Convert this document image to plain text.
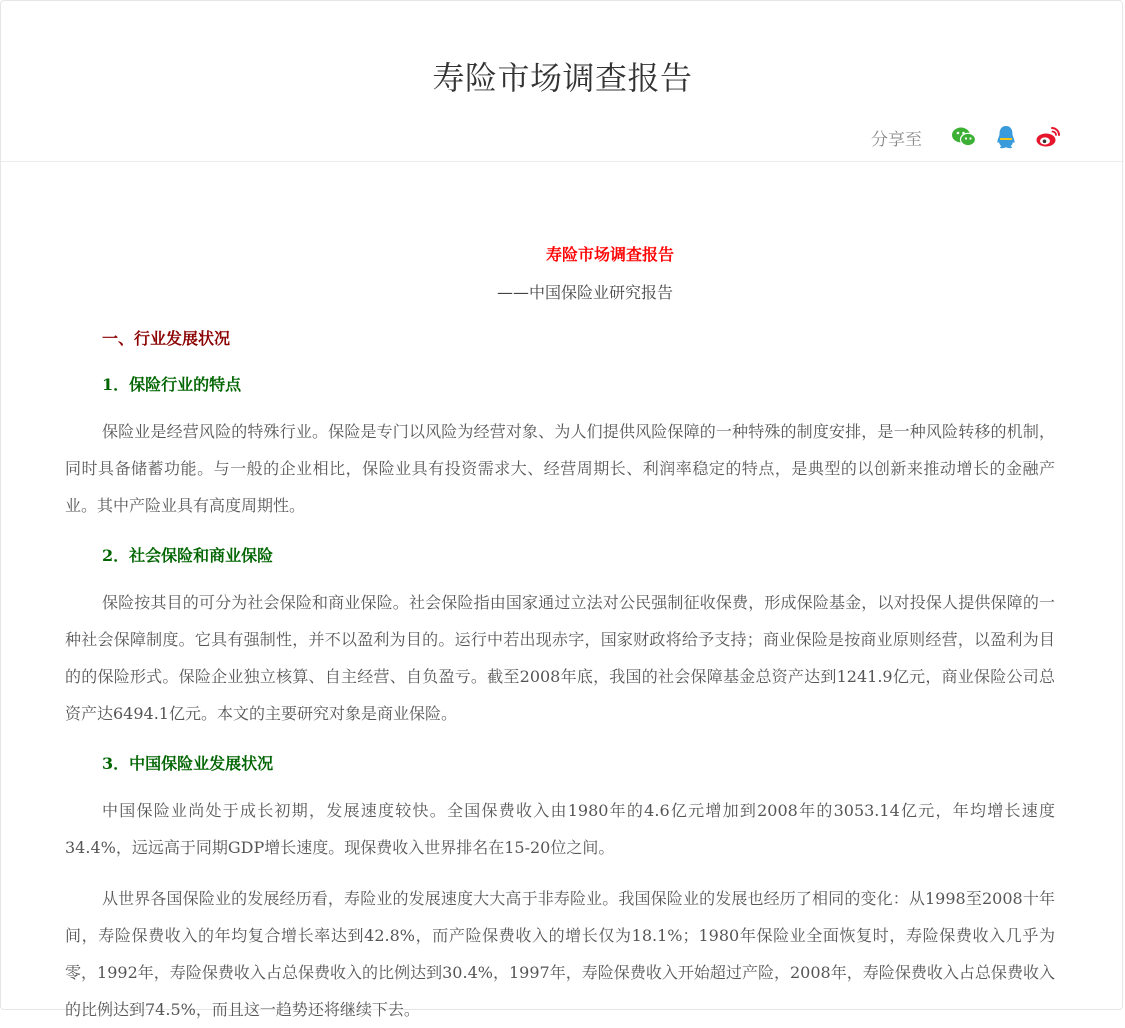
寿险市场调查报告
分享至
寿险市场调查报告
——中国保险业研究报告
一、行业发展状况
1．保险行业的特点
保险业是经营风险的特殊行业。保险是专门以风险为经营对象、为人们提供风险保障的一种特殊的制度安排，是一种风险转移的机制，同时具备储蓄功能。与一般的企业相比，保险业具有投资需求大、经营周期长、利润率稳定的特点，是典型的以创新来推动增长的金融产业。其中产险业具有高度周期性。
2．社会保险和商业保险
保险按其目的可分为社会保险和商业保险。社会保险指由国家通过立法对公民强制征收保费，形成保险基金，以对投保人提供保障的一种社会保障制度。它具有强制性，并不以盈利为目的。运行中若出现赤字，国家财政将给予支持；商业保险是按商业原则经营，以盈利为目的的保险形式。保险企业独立核算、自主经营、自负盈亏。截至2008年底，我国的社会保障基金总资产达到1241.9亿元，商业保险公司总资产达6494.1亿元。本文的主要研究对象是商业保险。
3．中国保险业发展状况
中国保险业尚处于成长初期，发展速度较快。全国保费收入由1980年的4.6亿元增加到2008年的3053.14亿元，年均增长速度34.4%，远远高于同期GDP增长速度。现保费收入世界排名在15-20位之间。
从世界各国保险业的发展经历看，寿险业的发展速度大大高于非寿险业。我国保险业的发展也经历了相同的变化：从1998至2008十年间，寿险保费收入的年均复合增长率达到42.8%，而产险保费收入的增长仅为18.1%；1980年保险业全面恢复时，寿险保费收入几乎为零，1992年，寿险保费收入占总保费收入的比例达到30.4%，1997年，寿险保费收入开始超过产险，2008年，寿险保费收入占总保费收入的比例达到74.5%，而且这一趋势还将继续下去。
